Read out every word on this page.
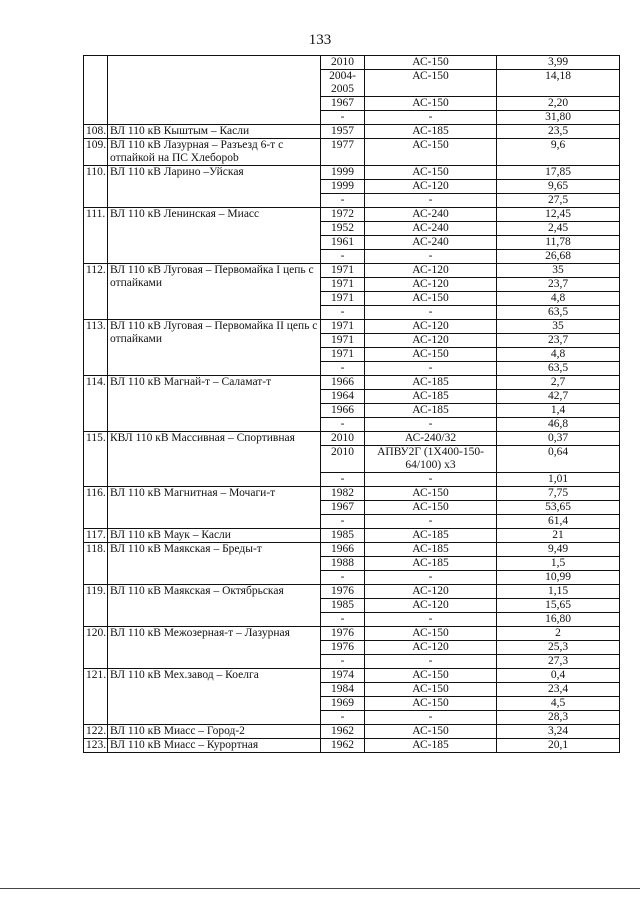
133
		2010	АС-150	3,99
		2004-2005	АС-150	14,18
		1967	АС-150	2,20
		-	-	31,80
108.	ВЛ 110 кВ Кыштым – Касли	1957	АС-185	23,5
109.	ВЛ 110 кВ Лазурная – Разъезд 6-т с отпайкой на ПС Хлеборob	1977	АС-150	9,6
110.	ВЛ 110 кВ Ларино –Уйская	1999	АС-150	17,85
		1999	АС-120	9,65
		-	-	27,5
111.	ВЛ 110 кВ Ленинская – Миасс	1972	АС-240	12,45
		1952	АС-240	2,45
		1961	АС-240	11,78
		-	-	26,68
112.	ВЛ 110 кВ Луговая – Первомайка I цепь с отпайками	1971	АС-120	35
		1971	АС-120	23,7
		1971	АС-150	4,8
		-	-	63,5
113.	ВЛ 110 кВ Луговая – Первомайка II цепь с отпайками	1971	АС-120	35
		1971	АС-120	23,7
		1971	АС-150	4,8
		-	-	63,5
114.	ВЛ 110 кВ Магнай-т – Саламат-т	1966	АС-185	2,7
		1964	АС-185	42,7
		1966	АС-185	1,4
		-	-	46,8
115.	КВЛ 110 кВ Массивная – Спортивная	2010	АС-240/32	0,37
		2010	АПВУ2Г (1Х400-150-64/100) х3	0,64
		-	-	1,01
116.	ВЛ 110 кВ Магнитная – Мочаги-т	1982	АС-150	7,75
		1967	АС-150	53,65
		-	-	61,4
117.	ВЛ 110 кВ Маук – Касли	1985	АС-185	21
118.	ВЛ 110 кВ Маякская – Бреды-т	1966	АС-185	9,49
		1988	АС-185	1,5
		-	-	10,99
119.	ВЛ 110 кВ Маякская – Октябрьская	1976	АС-120	1,15
		1985	АС-120	15,65
		-	-	16,80
120.	ВЛ 110 кВ Межозерная-т – Лазурная	1976	АС-150	2
		1976	АС-120	25,3
		-	-	27,3
121.	ВЛ 110 кВ Мех.завод – Коелга	1974	АС-150	0,4
		1984	АС-150	23,4
		1969	АС-150	4,5
		-	-	28,3
122.	ВЛ 110 кВ Миасс – Город-2	1962	АС-150	3,24
123.	ВЛ 110 кВ Миасс – Курортная	1962	АС-185	20,1
